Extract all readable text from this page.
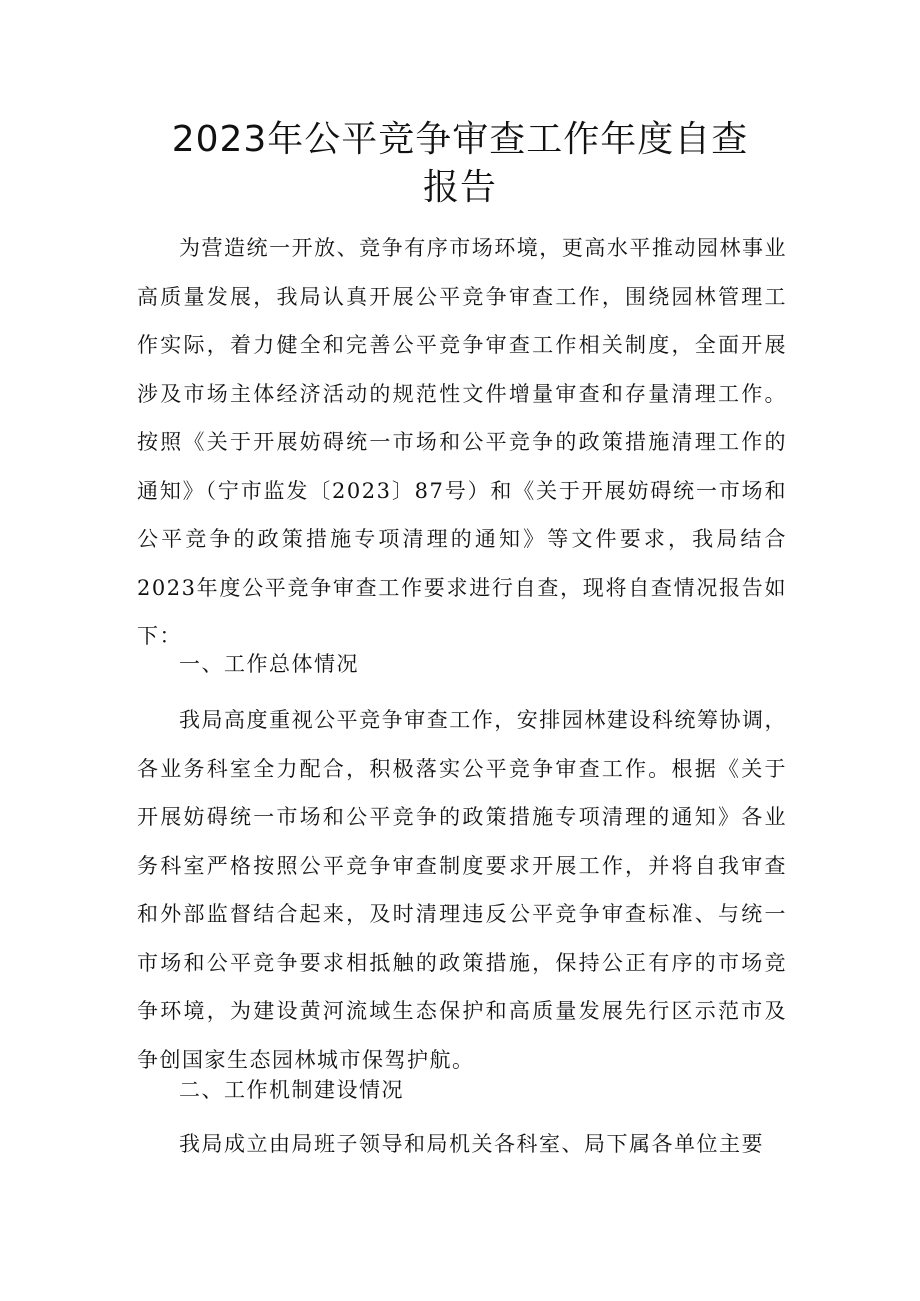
2023年公平竞争审查工作年度自查
报告

为营造统一开放、竞争有序市场环境，更高水平推动园林事业高质量发展，我局认真开展公平竞争审查工作，围绕园林管理工作实际，着力健全和完善公平竞争审查工作相关制度，全面开展涉及市场主体经济活动的规范性文件增量审查和存量清理工作。按照《关于开展妨碍统一市场和公平竞争的政策措施清理工作的通知》（宁市监发〔2023〕87号）和《关于开展妨碍统一市场和公平竞争的政策措施专项清理的通知》等文件要求，我局结合2023年度公平竞争审查工作要求进行自查，现将自查情况报告如下：

一、工作总体情况

我局高度重视公平竞争审查工作，安排园林建设科统筹协调，各业务科室全力配合，积极落实公平竞争审查工作。根据《关于开展妨碍统一市场和公平竞争的政策措施专项清理的通知》各业务科室严格按照公平竞争审查制度要求开展工作，并将自我审查和外部监督结合起来，及时清理违反公平竞争审查标准、与统一市场和公平竞争要求相抵触的政策措施，保持公正有序的市场竞争环境，为建设黄河流域生态保护和高质量发展先行区示范市及争创国家生态园林城市保驾护航。

二、工作机制建设情况

我局成立由局班子领导和局机关各科室、局下属各单位主要
